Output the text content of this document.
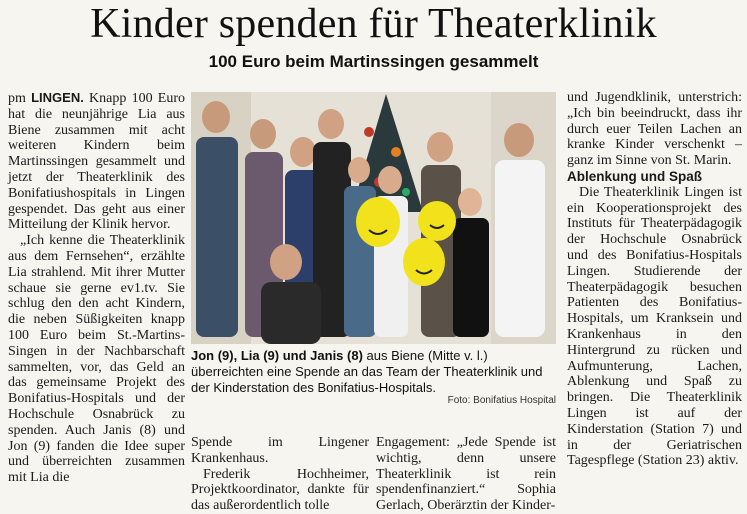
Kinder spenden für Theaterklinik
100 Euro beim Martinssingen gesammelt

pm LINGEN. Knapp 100 Euro hat die neunjährige Lia aus Biene zusammen mit acht weiteren Kindern beim Martinssingen gesammelt und jetzt der Theaterklinik des Bonifatiushospitals in Lingen gespendet. Das geht aus einer Mitteilung der Klinik hervor.

„Ich kenne die Theaterklinik aus dem Fernsehen“, erzählte Lia strahlend. Mit ihrer Mutter schaue sie gerne ev1.tv. Sie schlug den den acht Kindern, die neben Süßigkeiten knapp 100 Euro beim St.-Martins-Singen in der Nachbarschaft sammelten, vor, das Geld an das gemeinsame Projekt des Bonifatius-Hospitals und der Hochschule Osnabrück zu spenden. Auch Janis (8) und Jon (9) fanden die Idee super und überreichten zusammen mit Lia die

Jon (9), Lia (9) und Janis (8) aus Biene (Mitte v. l.) überreichten eine Spende an das Team der Theaterklinik und der Kinderstation des Bonifatius-Hospitals.
Foto: Bonifatius Hospital

Spende im Lingener Krankenhaus.

Frederik Hochheimer, Projektkoordinator, dankte für das außerordentlich tolle

Engagement: „Jede Spende ist wichtig, denn unsere Theaterklinik ist rein spendenfinanziert.“ Sophia Gerlach, Oberärztin der Kinder-

und Jugendklinik, unterstrich: „Ich bin beeindruckt, dass ihr durch euer Teilen Lachen an kranke Kinder verschenkt – ganz im Sinne von St. Marin.

Ablenkung und Spaß

Die Theaterklinik Lingen ist ein Kooperationsprojekt des Instituts für Theaterpädagogik der Hochschule Osnabrück und des Bonifatius-Hospitals Lingen. Studierende der Theaterpädagogik besuchen Patienten des Bonifatius-Hospitals, um Kranksein und Krankenhaus in den Hintergrund zu rücken und Aufmunterung, Lachen, Ablenkung und Spaß zu bringen. Die Theaterklinik Lingen ist auf der Kinderstation (Station 7) und in der Geriatrischen Tagespflege (Station 23) aktiv.
